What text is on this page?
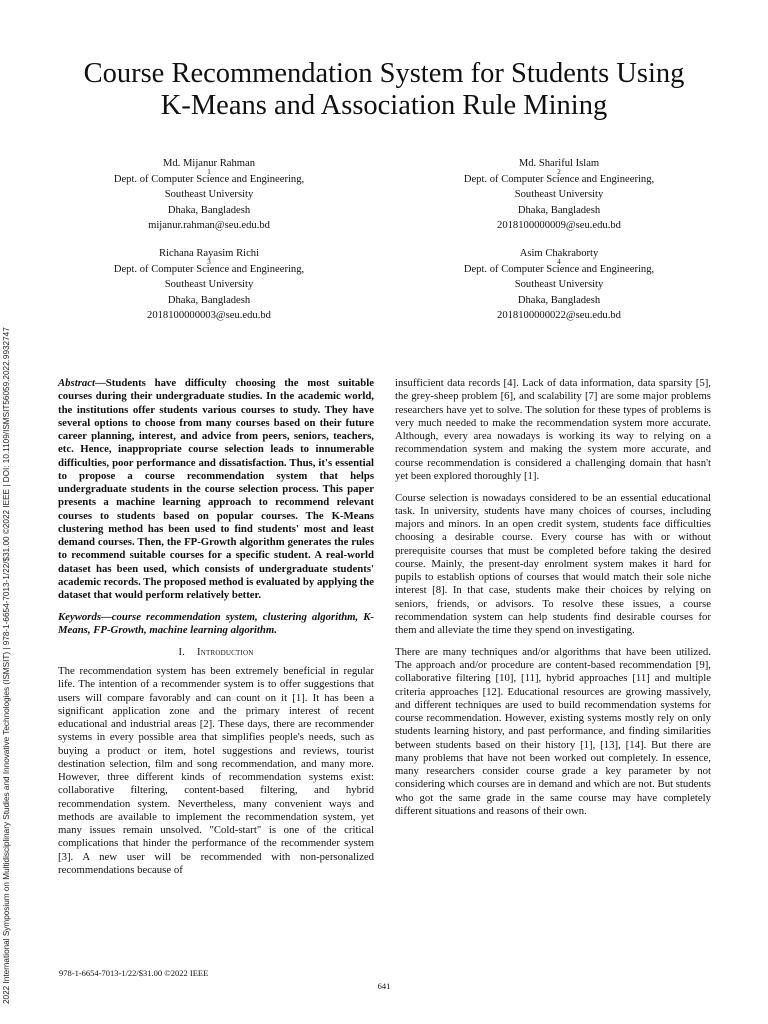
2022 International Symposium on Multidisciplinary Studies and Innovative Technologies (ISMSIT) | 978-1-6654-7013-1/22/$31.00 ©2022 IEEE | DOI: 10.1109/ISMSIT56059.2022.9932747
Course Recommendation System for Students Using
K-Means and Association Rule Mining
Md. Mijanur Rahman
1
Dept. of Computer Science and Engineering,
Southeast University
Dhaka, Bangladesh
mijanur.rahman@seu.edu.bd
Md. Shariful Islam
2
Dept. of Computer Science and Engineering,
Southeast University
Dhaka, Bangladesh
2018100000009@seu.edu.bd
Richana Rayasim Richi
3
Dept. of Computer Science and Engineering,
Southeast University
Dhaka, Bangladesh
2018100000003@seu.edu.bd
Asim Chakraborty
4
Dept. of Computer Science and Engineering,
Southeast University
Dhaka, Bangladesh
2018100000022@seu.edu.bd

Abstract—Students have difficulty choosing the most suitable courses during their undergraduate studies. In the academic world, the institutions offer students various courses to study. They have several options to choose from many courses based on their future career planning, interest, and advice from peers, seniors, teachers, etc. Hence, inappropriate course selection leads to innumerable difficulties, poor performance and dissatisfaction. Thus, it's essential to propose a course recommendation system that helps undergraduate students in the course selection process. This paper presents a machine learning approach to recommend relevant courses to students based on popular courses. The K-Means clustering method has been used to find students' most and least demand courses. Then, the FP-Growth algorithm generates the rules to recommend suitable courses for a specific student. A real-world dataset has been used, which consists of undergraduate students' academic records. The proposed method is evaluated by applying the dataset that would perform relatively better.

Keywords—course recommendation system, clustering algorithm, K-Means, FP-Growth, machine learning algorithm.

I. Introduction

The recommendation system has been extremely beneficial in regular life. The intention of a recommender system is to offer suggestions that users will compare favorably and can count on it [1]. It has been a significant application zone and the primary interest of recent educational and industrial areas [2]. These days, there are recommender systems in every possible area that simplifies people's needs, such as buying a product or item, hotel suggestions and reviews, tourist destination selection, film and song recommendation, and many more. However, three different kinds of recommendation systems exist: collaborative filtering, content-based filtering, and hybrid recommendation system. Nevertheless, many convenient ways and methods are available to implement the recommendation system, yet many issues remain unsolved. "Cold-start" is one of the critical complications that hinder the performance of the recommender system [3]. A new user will be recommended with non-personalized recommendations because of

insufficient data records [4]. Lack of data information, data sparsity [5], the grey-sheep problem [6], and scalability [7] are some major problems researchers have yet to solve. The solution for these types of problems is very much needed to make the recommendation system more accurate. Although, every area nowadays is working its way to relying on a recommendation system and making the system more accurate, and course recommendation is considered a challenging domain that hasn't yet been explored thoroughly [1].

Course selection is nowadays considered to be an essential educational task. In university, students have many choices of courses, including majors and minors. In an open credit system, students face difficulties choosing a desirable course. Every course has with or without prerequisite courses that must be completed before taking the desired course. Mainly, the present-day enrolment system makes it hard for pupils to establish options of courses that would match their sole niche interest [8]. In that case, students make their choices by relying on seniors, friends, or advisors. To resolve these issues, a course recommendation system can help students find desirable courses for them and alleviate the time they spend on investigating.

There are many techniques and/or algorithms that have been utilized. The approach and/or procedure are content-based recommendation [9], collaborative filtering [10], [11], hybrid approaches [11] and multiple criteria approaches [12]. Educational resources are growing massively, and different techniques are used to build recommendation systems for course recommendation. However, existing systems mostly rely on only students learning history, and past performance, and finding similarities between students based on their history [1], [13], [14]. But there are many problems that have not been worked out completely. In essence, many researchers consider course grade a key parameter by not considering which courses are in demand and which are not. But students who got the same grade in the same course may have completely different situations and reasons of their own.

978-1-6654-7013-1/22/$31.00 ©2022 IEEE
641
